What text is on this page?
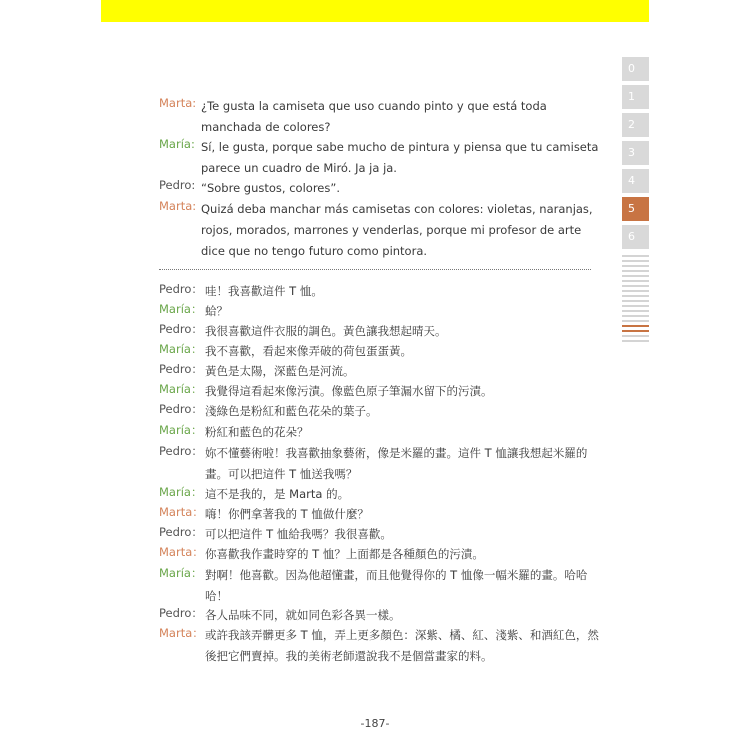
0
1
2
3
4
5
6
Marta: ¿Te gusta la camiseta que uso cuando pinto y que está toda manchada de colores?
María: Sí, le gusta, porque sabe mucho de pintura y piensa que tu camiseta parece un cuadro de Miró. Ja ja ja.
Pedro: “Sobre gustos, colores”.
Marta: Quizá deba manchar más camisetas con colores: violetas, naranjas, rojos, morados, marrones y venderlas, porque mi profesor de arte dice que no tengo futuro como pintora.
Pedro： 哇！我喜歡這件 T 恤。
María： 蛤？
Pedro： 我很喜歡這件衣服的調色。黃色讓我想起晴天。
María： 我不喜歡，看起來像弄破的荷包蛋蛋黃。
Pedro： 黃色是太陽，深藍色是河流。
María： 我覺得這看起來像污漬。像藍色原子筆漏水留下的污漬。
Pedro： 淺綠色是粉紅和藍色花朵的葉子。
María： 粉紅和藍色的花朵？
Pedro： 妳不懂藝術啦！我喜歡抽象藝術，像是米羅的畫。這件 T 恤讓我想起米羅的畫。可以把這件 T 恤送我嗎？
María： 這不是我的，是 Marta 的。
Marta： 嗨！你們拿著我的 T 恤做什麼？
Pedro： 可以把這件 T 恤給我嗎？我很喜歡。
Marta： 你喜歡我作畫時穿的 T 恤？上面都是各種顏色的污漬。
María： 對啊！他喜歡。因為他超懂畫，而且他覺得你的 T 恤像一幅米羅的畫。哈哈哈！
Pedro： 各人品味不同，就如同色彩各異一樣。
Marta： 或許我該弄髒更多 T 恤，弄上更多顏色：深紫、橘、紅、淺紫、和酒紅色，然後把它們賣掉。我的美術老師還說我不是個當畫家的料。
-187-
